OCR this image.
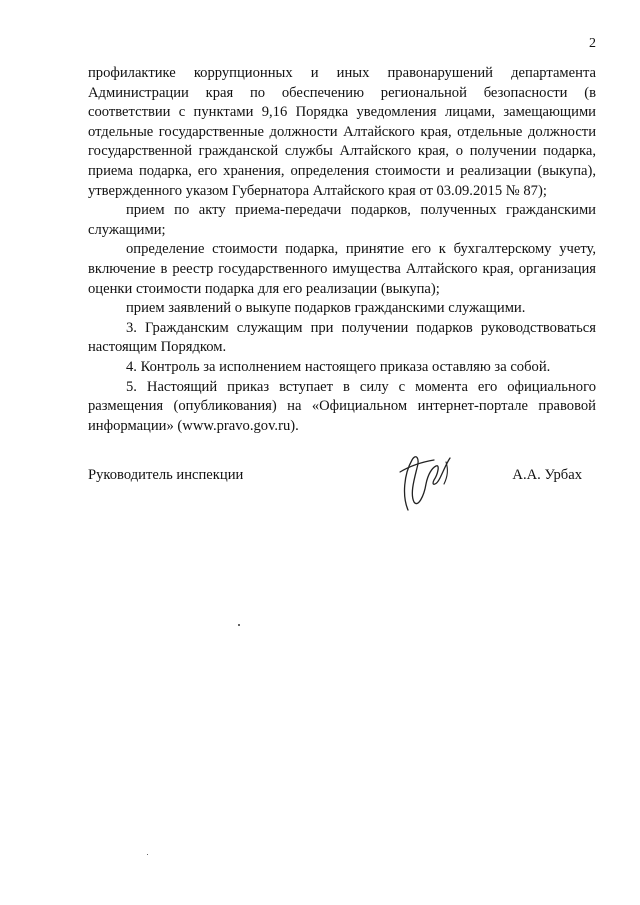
2

профилактике коррупционных и иных правонарушений департамента Администрации края по обеспечению региональной безопасности (в соответствии с пунктами 9,16 Порядка уведомления лицами, замещающими отдельные государственные должности Алтайского края, отдельные должности государственной гражданской службы Алтайского края, о получении подарка, приема подарка, его хранения, определения стоимости и реализации (выкупа), утвержденного указом Губернатора Алтайского края от 03.09.2015 № 87);

прием по акту приема-передачи подарков, полученных гражданскими служащими;

определение стоимости подарка, принятие его к бухгалтерскому учету, включение в реестр государственного имущества Алтайского края, организация оценки стоимости подарка для его реализации (выкупа);

прием заявлений о выкупе подарков гражданскими служащими.

3. Гражданским служащим при получении подарков руководствоваться настоящим Порядком.

4. Контроль за исполнением настоящего приказа оставляю за собой.

5. Настоящий приказ вступает в силу с момента его официального размещения (опубликования) на «Официальном интернет-портале правовой информации» (www.pravo.gov.ru).

Руководитель инспекции	А.А. Урбах
